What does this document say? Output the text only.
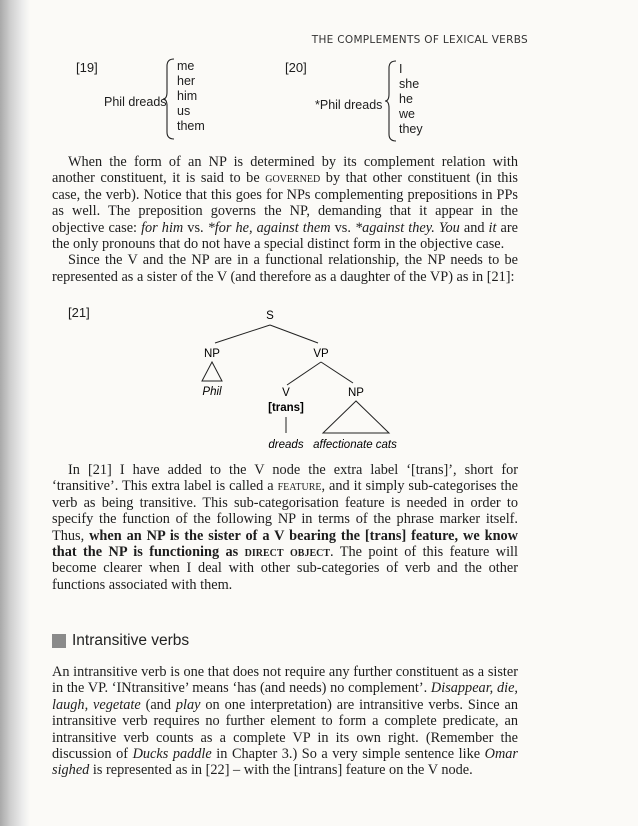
THE COMPLEMENTS OF LEXICAL VERBS
[19]
Phil dreads
me
her
him
us
them
[20]
*Phil dreads
I
she
he
we
they

When the form of an NP is determined by its complement relation with another constituent, it is said to be governed by that other constituent (in this case, the verb). Notice that this goes for NPs complementing prepositions in PPs as well. The preposition governs the NP, demanding that it appear in the objective case: for him vs. *for he, against them vs. *against they. You and it are the only pronouns that do not have a special distinct form in the objective case.

Since the V and the NP are in a functional relationship, the NP needs to be represented as a sister of the V (and therefore as a daughter of the VP) as in [21]:

[21]	S
NP	VP
Phil	V
[trans]
NP
dreads affectionate cats

In [21] I have added to the V node the extra label ‘[trans]’, short for ‘transitive’. This extra label is called a feature, and it simply sub-categorises the verb as being transitive. This sub-categorisation feature is needed in order to specify the function of the following NP in terms of the phrase marker itself. Thus, when an NP is the sister of a V bearing the [trans] feature, we know that the NP is functioning as direct object. The point of this feature will become clearer when I deal with other sub-categories of verb and the other functions associated with them.

Intransitive verbs

An intransitive verb is one that does not require any further constituent as a sister in the VP. ‘INtransitive’ means ‘has (and needs) no complement’. Disappear, die, laugh, vegetate (and play on one interpretation) are intransitive verbs. Since an intransitive verb requires no further element to form a complete predicate, an intransitive verb counts as a complete VP in its own right. (Remember the discussion of Ducks paddle in Chapter 3.) So a very simple sentence like Omar sighed is represented as in [22] – with the [intrans] feature on the V node.
